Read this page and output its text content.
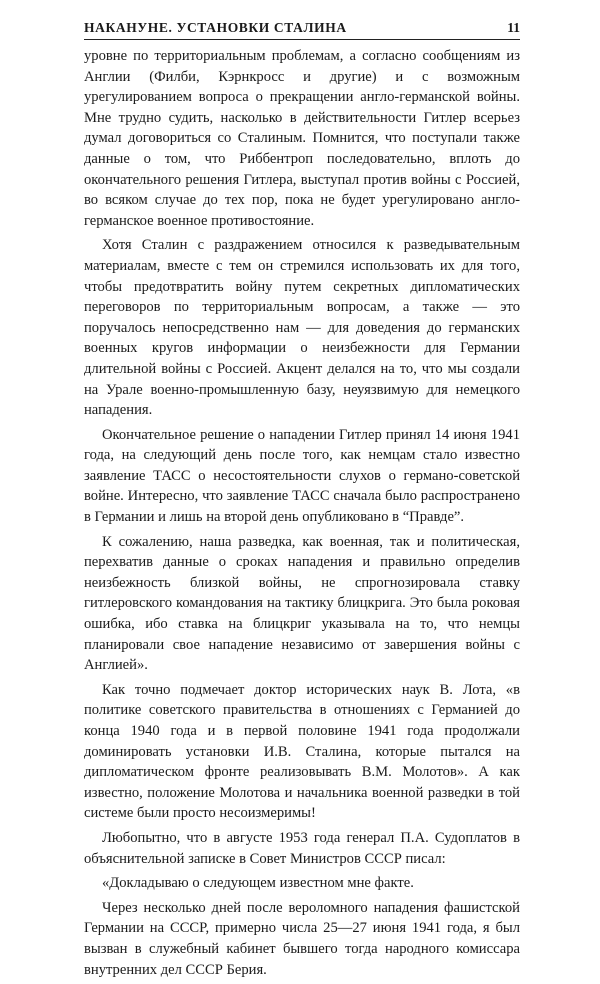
НАКАНУНЕ. УСТАНОВКИ СТАЛИНА	11

уровне по территориальным проблемам, а согласно сообщениям из Англии (Филби, Кэрнкросс и другие) и с возможным урегулированием вопроса о прекращении англо-германской войны. Мне трудно судить, насколько в действительности Гитлер всерьез думал договориться со Сталиным. Помнится, что поступали также данные о том, что Риббентроп последовательно, вплоть до окончательного решения Гитлера, выступал против войны с Россией, во всяком случае до тех пор, пока не будет урегулировано англо-германское военное противостояние.

Хотя Сталин с раздражением относился к разведывательным материалам, вместе с тем он стремился использовать их для того, чтобы предотвратить войну путем секретных дипломатических переговоров по территориальным вопросам, а также — это поручалось непосредственно нам — для доведения до германских военных кругов информации о неизбежности для Германии длительной войны с Россией. Акцент делался на то, что мы создали на Урале военно-промышленную базу, неуязвимую для немецкого нападения.

Окончательное решение о нападении Гитлер принял 14 июня 1941 года, на следующий день после того, как немцам стало известно заявление ТАСС о несостоятельности слухов о германо-советской войне. Интересно, что заявление ТАСС сначала было распространено в Германии и лишь на второй день опубликовано в “Правде”.

К сожалению, наша разведка, как военная, так и политическая, перехватив данные о сроках нападения и правильно определив неизбежность близкой войны, не спрогнозировала ставку гитлеровского командования на тактику блицкрига. Это была роковая ошибка, ибо ставка на блицкриг указывала на то, что немцы планировали свое нападение независимо от завершения войны с Англией».

Как точно подмечает доктор исторических наук В. Лота, «в политике советского правительства в отношениях с Германией до конца 1940 года и в первой половине 1941 года продолжали доминировать установки И.В. Сталина, которые пытался на дипломатическом фронте реализовывать В.М. Молотов». А как известно, положение Молотова и начальника военной разведки в той системе были просто несоизмеримы!

Любопытно, что в августе 1953 года генерал П.А. Судоплатов в объяснительной записке в Совет Министров СССР писал:

«Докладываю о следующем известном мне факте.

Через несколько дней после вероломного нападения фашистской Германии на СССР, примерно числа 25—27 июня 1941 года, я был вызван в служебный кабинет бывшего тогда народного комиссара внутренних дел СССР Берия.
